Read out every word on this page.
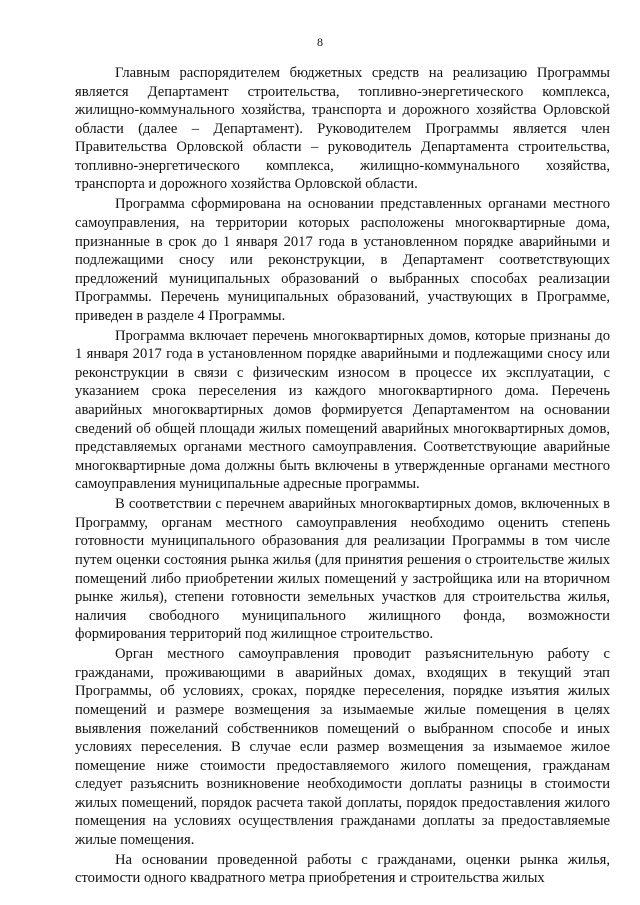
8

Главным распорядителем бюджетных средств на реализацию Программы является Департамент строительства, топливно-энергетического комплекса, жилищно-коммунального хозяйства, транспорта и дорожного хозяйства Орловской области (далее – Департамент). Руководителем Программы является член Правительства Орловской области – руководитель Департамента строительства, топливно-энергетического комплекса, жилищно-коммунального хозяйства, транспорта и дорожного хозяйства Орловской области.

Программа сформирована на основании представленных органами местного самоуправления, на территории которых расположены многоквартирные дома, признанные в срок до 1 января 2017 года в установленном порядке аварийными и подлежащими сносу или реконструкции, в Департамент соответствующих предложений муниципальных образований о выбранных способах реализации Программы. Перечень муниципальных образований, участвующих в Программе, приведен в разделе 4 Программы.

Программа включает перечень многоквартирных домов, которые признаны до 1 января 2017 года в установленном порядке аварийными и подлежащими сносу или реконструкции в связи с физическим износом в процессе их эксплуатации, с указанием срока переселения из каждого многоквартирного дома. Перечень аварийных многоквартирных домов формируется Департаментом на основании сведений об общей площади жилых помещений аварийных многоквартирных домов, представляемых органами местного самоуправления. Соответствующие аварийные многоквартирные дома должны быть включены в утвержденные органами местного самоуправления муниципальные адресные программы.

В соответствии с перечнем аварийных многоквартирных домов, включенных в Программу, органам местного самоуправления необходимо оценить степень готовности муниципального образования для реализации Программы в том числе путем оценки состояния рынка жилья (для принятия решения о строительстве жилых помещений либо приобретении жилых помещений у застройщика или на вторичном рынке жилья), степени готовности земельных участков для строительства жилья, наличия свободного муниципального жилищного фонда, возможности формирования территорий под жилищное строительство.

Орган местного самоуправления проводит разъяснительную работу с гражданами, проживающими в аварийных домах, входящих в текущий этап Программы, об условиях, сроках, порядке переселения, порядке изъятия жилых помещений и размере возмещения за изымаемые жилые помещения в целях выявления пожеланий собственников помещений о выбранном способе и иных условиях переселения. В случае если размер возмещения за изымаемое жилое помещение ниже стоимости предоставляемого жилого помещения, гражданам следует разъяснить возникновение необходимости доплаты разницы в стоимости жилых помещений, порядок расчета такой доплаты, порядок предоставления жилого помещения на условиях осуществления гражданами доплаты за предоставляемые жилые помещения.

На основании проведенной работы с гражданами, оценки рынка жилья, стоимости одного квадратного метра приобретения и строительства жилых
